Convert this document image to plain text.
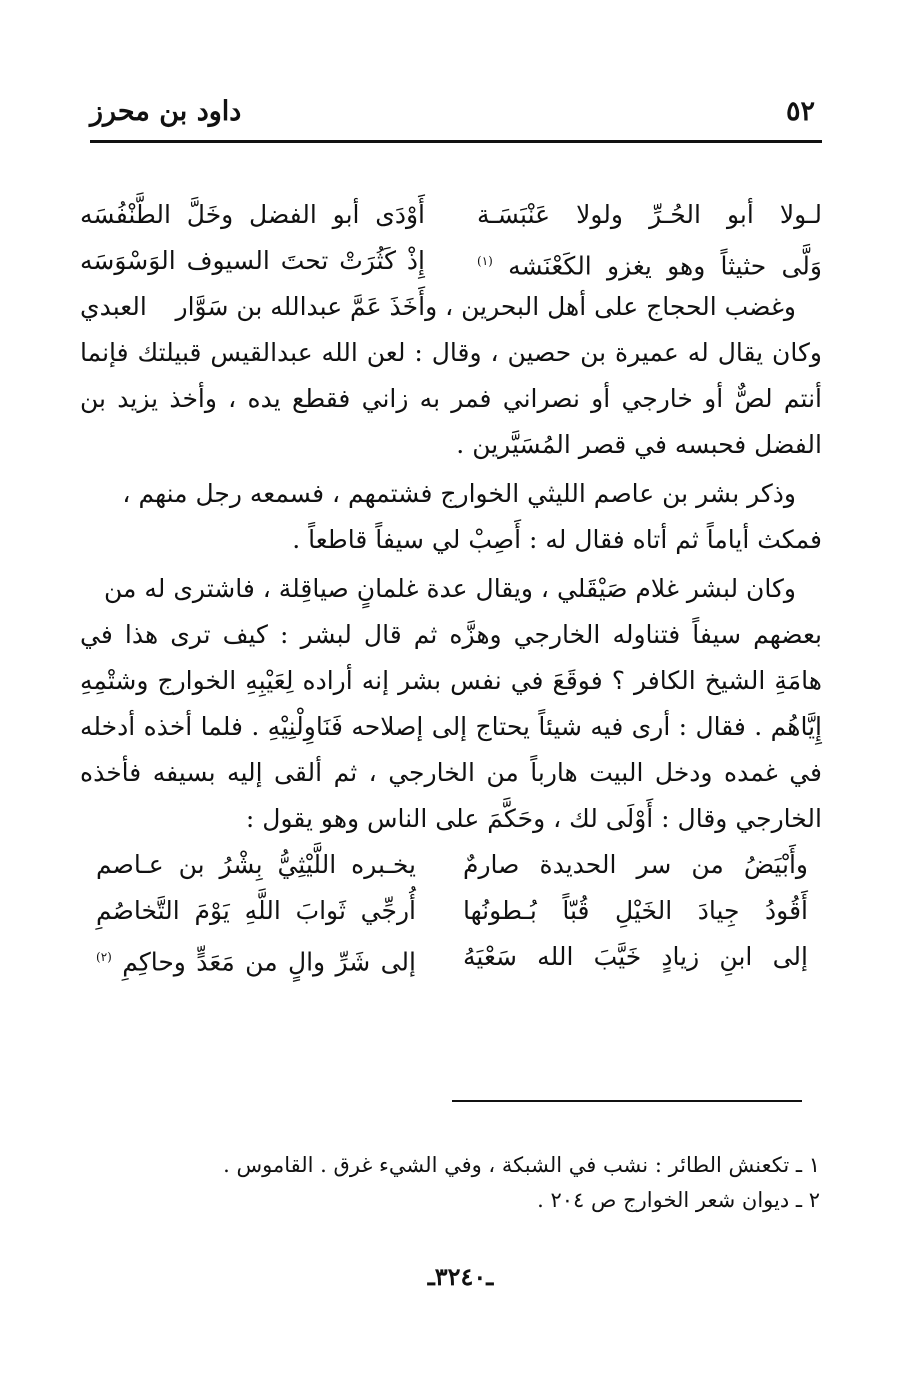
٥٢
داود بن محرز
لـولا أبو الحُـرِّ ولولا عَنْبَسَـة
أَوْدَى أبو الفضل وخَلَّ الطَّنْفُسَه
وَلَّى حثيثاً وهو يغزو الكَعْنَشه $^{(١)}$
إِذْ كَثُرَتْ تحتَ السيوف الوَسْوَسَه

وغضب الحجاج على أهل البحرين ، وأَخَذَ عَمَّ عبدالله بن سَوَّار العبدي وكان يقال له عميرة بن حصين ، وقال : لعن الله عبدالقيس قبيلتك فإنما أنتم لصٌّ أو خارجي أو نصراني فمر به زاني فقطع يده ، وأخذ يزيد بن الفضل فحبسه في قصر المُسَيَّرين .

وذكر بشر بن عاصم الليثي الخوارج فشتمهم ، فسمعه رجل منهم ، فمكث أياماً ثم أتاه فقال له : أَصِبْ لي سيفاً قاطعاً .

وكان لبشر غلام صَيْقَلي ، ويقال عدة غلمانٍ صياقِلة ، فاشترى له من بعضهم سيفاً فتناوله الخارجي وهزَّه ثم قال لبشر : كيف ترى هذا في هامَةِ الشيخ الكافر ؟ فوقَعَ في نفس بشر إنه أراده لِعَيْبِهِ الخوارج وشتْمِهِ إِيَّاهُم . فقال : أرى فيه شيئاً يحتاج إلى إصلاحه فَنَاوِلْنِيْهِ . فلما أخذه أدخله في غمده ودخل البيت هارباً من الخارجي ، ثم ألقى إليه بسيفه فأخذه الخارجي وقال : أَوْلَى لك ، وحَكَّمَ على الناس وهو يقول :

وأَبْيَضُ من سر الحديدة صارمٌ
يخـبره اللَّيْثِيُّ بِشْرُ بن عـاصم
أَقُودُ جِيادَ الخَيْلِ قُبّاً بُـطونُها
أُرجِّي ثَوابَ اللَّهِ يَوْمَ التَّخاصُمِ
إلى ابنِ زيادٍ خَيَّبَ الله سَعْيَهُ
إلى شَرِّ والٍ من مَعَدٍّ وحاكِمِ $^{(٢)}$
١ ـ تكعنش الطائر : نشب في الشبكة ، وفي الشيء غرق . القاموس .
٢ ـ ديوان شعر الخوارج ص ٢٠٤ .
ـ٣٢٤٠ـ
